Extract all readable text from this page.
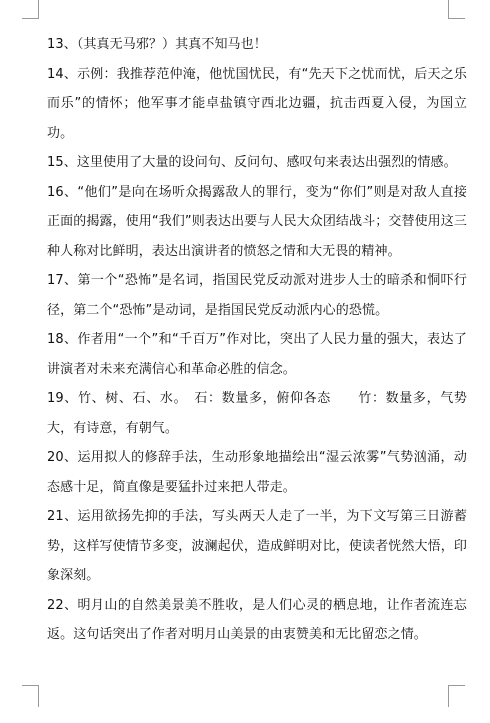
13、（其真无马邪？）其真不知马也！

14、示例：我推荐范仲淹，他忧国忧民，有“先天下之忧而忧，后天之乐而乐”的情怀；他军事才能卓盐镇守西北边疆，抗击西夏入侵，为国立功。

15、这里使用了大量的设问句、反问句、感叹句来表达出强烈的情感。

16、“他们”是向在场听众揭露敌人的罪行，变为“你们”则是对敌人直接正面的揭露，使用“我们”则表达出要与人民大众团结战斗；交替使用这三种人称对比鲜明，表达出演讲者的愤怒之情和大无畏的精神。

17、第一个“恐怖”是名词，指国民党反动派对进步人士的暗杀和恫吓行径，第二个“恐怖”是动词，是指国民党反动派内心的恐慌。

18、作者用“一个”和“千百万”作对比，突出了人民力量的强大，表达了讲演者对未来充满信心和革命必胜的信念。

19、竹、树、石、水。　石：数量多，俯仰各态　　竹：数量多，气势大，有诗意，有朝气。

20、运用拟人的修辞手法，生动形象地描绘出“湿云浓雾”气势汹涌，动态感十足，简直像是要猛扑过来把人带走。

21、运用欲扬先抑的手法，写头两天人走了一半，为下文写第三日游蓄势，这样写使情节多变，波澜起伏，造成鲜明对比，使读者恍然大悟，印象深刻。

22、明月山的自然美景美不胜收，是人们心灵的栖息地，让作者流连忘返。这句话突出了作者对明月山美景的由衷赞美和无比留恋之情。
